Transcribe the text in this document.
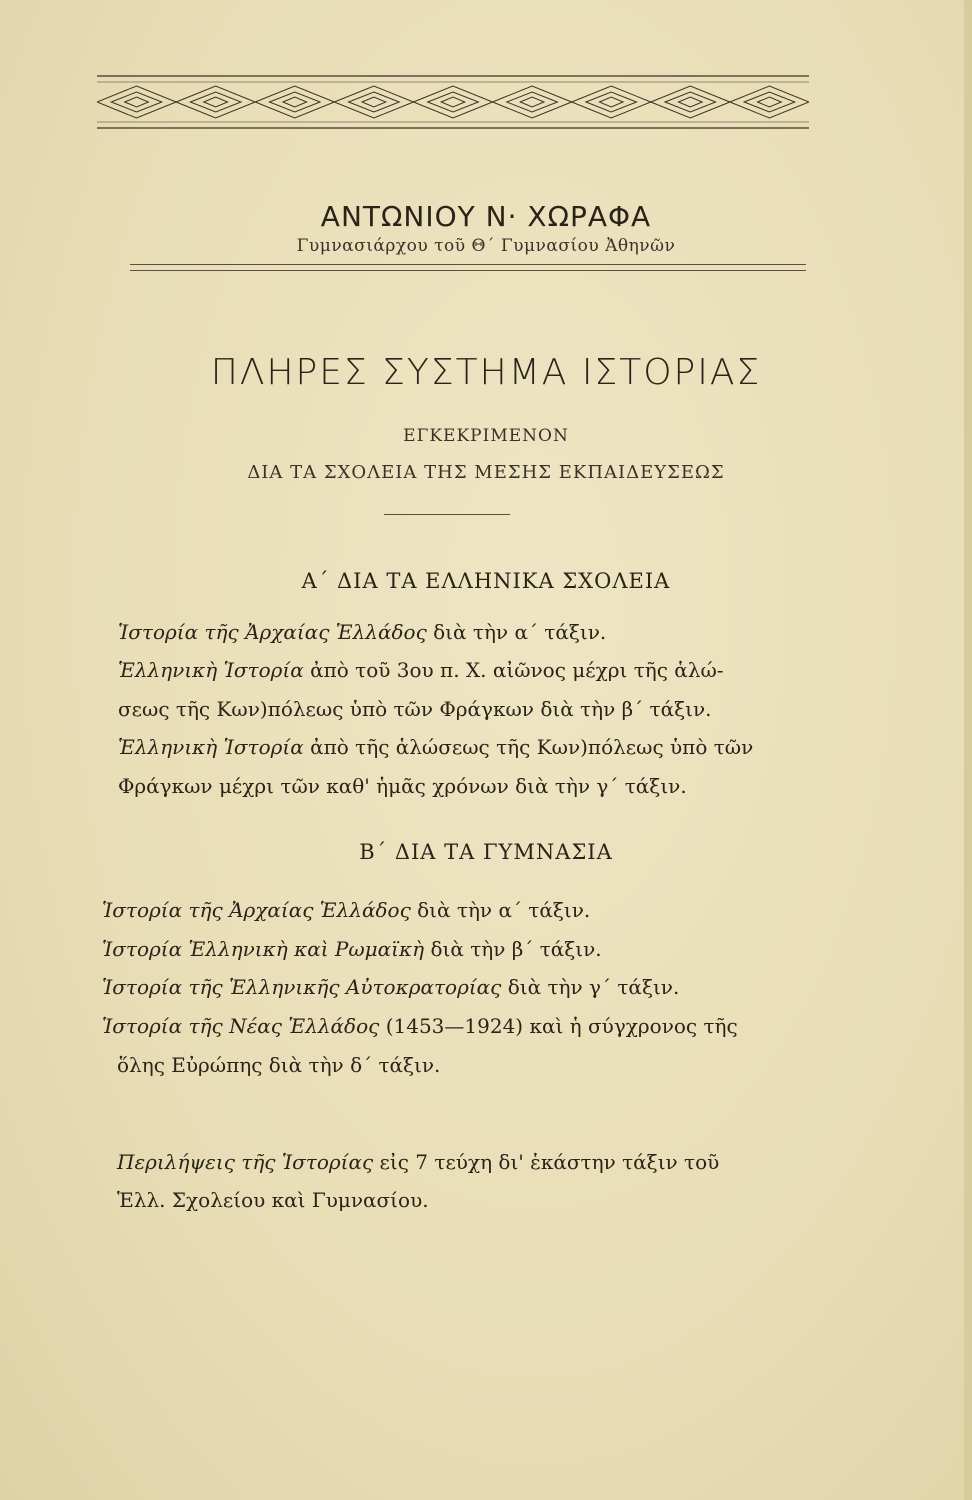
ΑΝΤΩΝΙΟΥ Ν· ΧΩΡΑΦΑ
Γυμνασιάρχου τοῦ Θ΄ Γυμνασίου Ἀθηνῶν
ΠΛΗΡΕΣ ΣΥΣΤΗΜΑ ΙΣΤΟΡΙΑΣ
ΕΓΚΕΚΡΙΜΕΝΟΝ
ΔΙΑ ΤΑ ΣΧΟΛΕΙΑ ΤΗΣ ΜΕΣΗΣ ΕΚΠΑΙΔΕΥΣΕΩΣ
Α΄ ΔΙΑ ΤΑ ΕΛΛΗΝΙΚΑ ΣΧΟΛΕΙΑ
Ἱστορία τῆς Ἀρχαίας Ἑλλάδος διὰ τὴν α΄ τάξιν.
Ἑλληνικὴ Ἱστορία ἀπὸ τοῦ 3ου π. Χ. αἰῶνος μέχρι τῆς ἁλώ-
σεως τῆς Κων)πόλεως ὑπὸ τῶν Φράγκων διὰ τὴν β΄ τάξιν.
Ἑλληνικὴ Ἱστορία ἀπὸ τῆς ἁλώσεως τῆς Κων)πόλεως ὑπὸ τῶν
Φράγκων μέχρι τῶν καθ' ἡμᾶς χρόνων διὰ τὴν γ΄ τάξιν.
Β΄ ΔΙΑ ΤΑ ΓΥΜΝΑΣΙΑ
Ἱστορία τῆς Ἀρχαίας Ἑλλάδος διὰ τὴν α΄ τάξιν.
Ἱστορία Ἑλληνικὴ καὶ Ρωμαϊκὴ διὰ τὴν β΄ τάξιν.
Ἱστορία τῆς Ἑλληνικῆς Αὐτοκρατορίας διὰ τὴν γ΄ τάξιν.
Ἱστορία τῆς Νέας Ἑλλάδος (1453—1924) καὶ ἡ σύγχρονος τῆς
ὅλης Εὐρώπης διὰ τὴν δ΄ τάξιν.
Περιλήψεις τῆς Ἱστορίας εἰς 7 τεύχη δι' ἑκάστην τάξιν τοῦ
Ἑλλ. Σχολείου καὶ Γυμνασίου.
